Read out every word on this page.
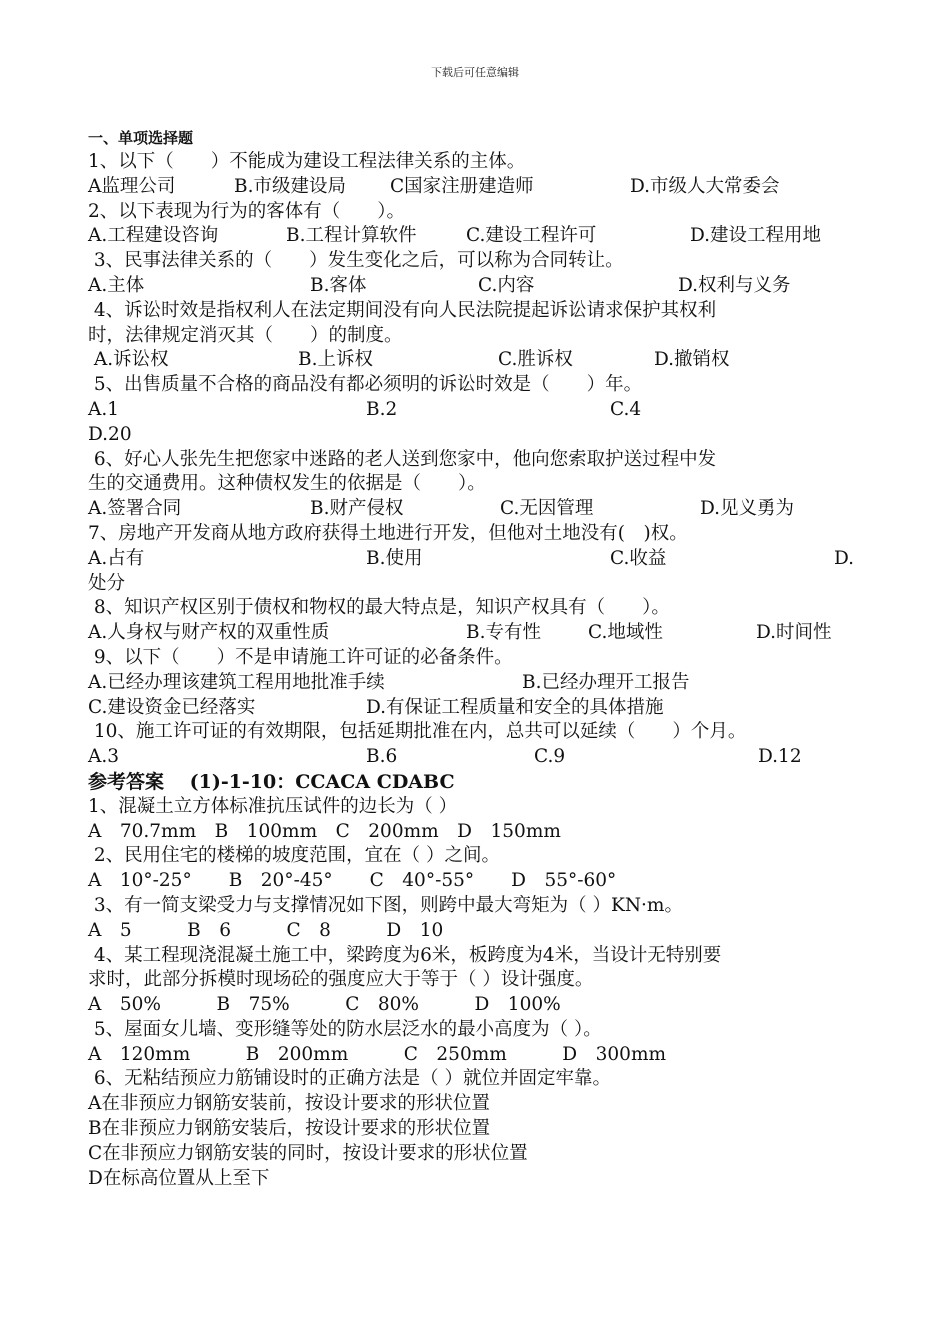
下载后可任意编辑
一、单项选择题
1、以下（　　）不能成为建设工程法律关系的主体。
A监理公司	B.市级建设局 C国家注册建造师	D.市级人大常委会
2、以下表现为行为的客体有（　　）。
A.工程建设咨询	B.工程计算软件	C.建设工程许可	D.建设工程用地
3、民事法律关系的（　　）发生变化之后，可以称为合同转让。
A.主体	B.客体	C.内容	D.权利与义务
4、诉讼时效是指权利人在法定期间没有向人民法院提起诉讼请求保护其权利
时，法律规定消灭其（　　）的制度。
A.诉讼权	B.上诉权	C.胜诉权	D.撤销权
5、出售质量不合格的商品没有都必须明的诉讼时效是（　　）年。
A.1	B.2	C.4
D.20
6、好心人张先生把您家中迷路的老人送到您家中，他向您索取护送过程中发
生的交通费用。这种债权发生的依据是（　　）。
A.签署合同	B.财产侵权	C.无因管理	D.见义勇为
7、房地产开发商从地方政府获得土地进行开发，但他对土地没有(　)权。
A.占有	B.使用	C.收益	D.
处分
8、知识产权区别于债权和物权的最大特点是，知识产权具有（　　）。
A.人身权与财产权的双重性质	B.专有性	C.地域性	D.时间性
9、以下（　　）不是申请施工许可证的必备条件。
A.已经办理该建筑工程用地批准手续	B.已经办理开工报告
C.建设资金已经落实	D.有保证工程质量和安全的具体措施
10、施工许可证的有效期限，包括延期批准在内，总共可以延续（　　）个月。
A.3	B.6	C.9	D.12
参考答案　 (1)-1-10：CCACA CDABC
1、混凝土立方体标准抗压试件的边长为（ ）
A　70.7mm　B　100mm　C　200mm　D　150mm
2、民用住宅的楼梯的坡度范围，宜在（ ）之间。
A　10°-25°　　B　20°-45°　　C　40°-55°　　D　55°-60°
3、有一简支梁受力与支撑情况如下图，则跨中最大弯矩为（ ）KN·m。
A　5　　　B　6　　　C　8　　　D　10
4、某工程现浇混凝土施工中，梁跨度为6米，板跨度为4米，当设计无特别要
求时，此部分拆模时现场砼的强度应大于等于（ ）设计强度。
A　50%　　　B　75%　　　C　80%　　　D　100%
5、屋面女儿墙、变形缝等处的防水层泛水的最小高度为（ ）。
A　120mm　　　B　200mm　　　C　250mm　　　D　300mm
6、无粘结预应力筋铺设时的正确方法是（ ）就位并固定牢靠。
A在非预应力钢筋安装前，按设计要求的形状位置
B在非预应力钢筋安装后，按设计要求的形状位置
C在非预应力钢筋安装的同时，按设计要求的形状位置
D在标高位置从上至下
